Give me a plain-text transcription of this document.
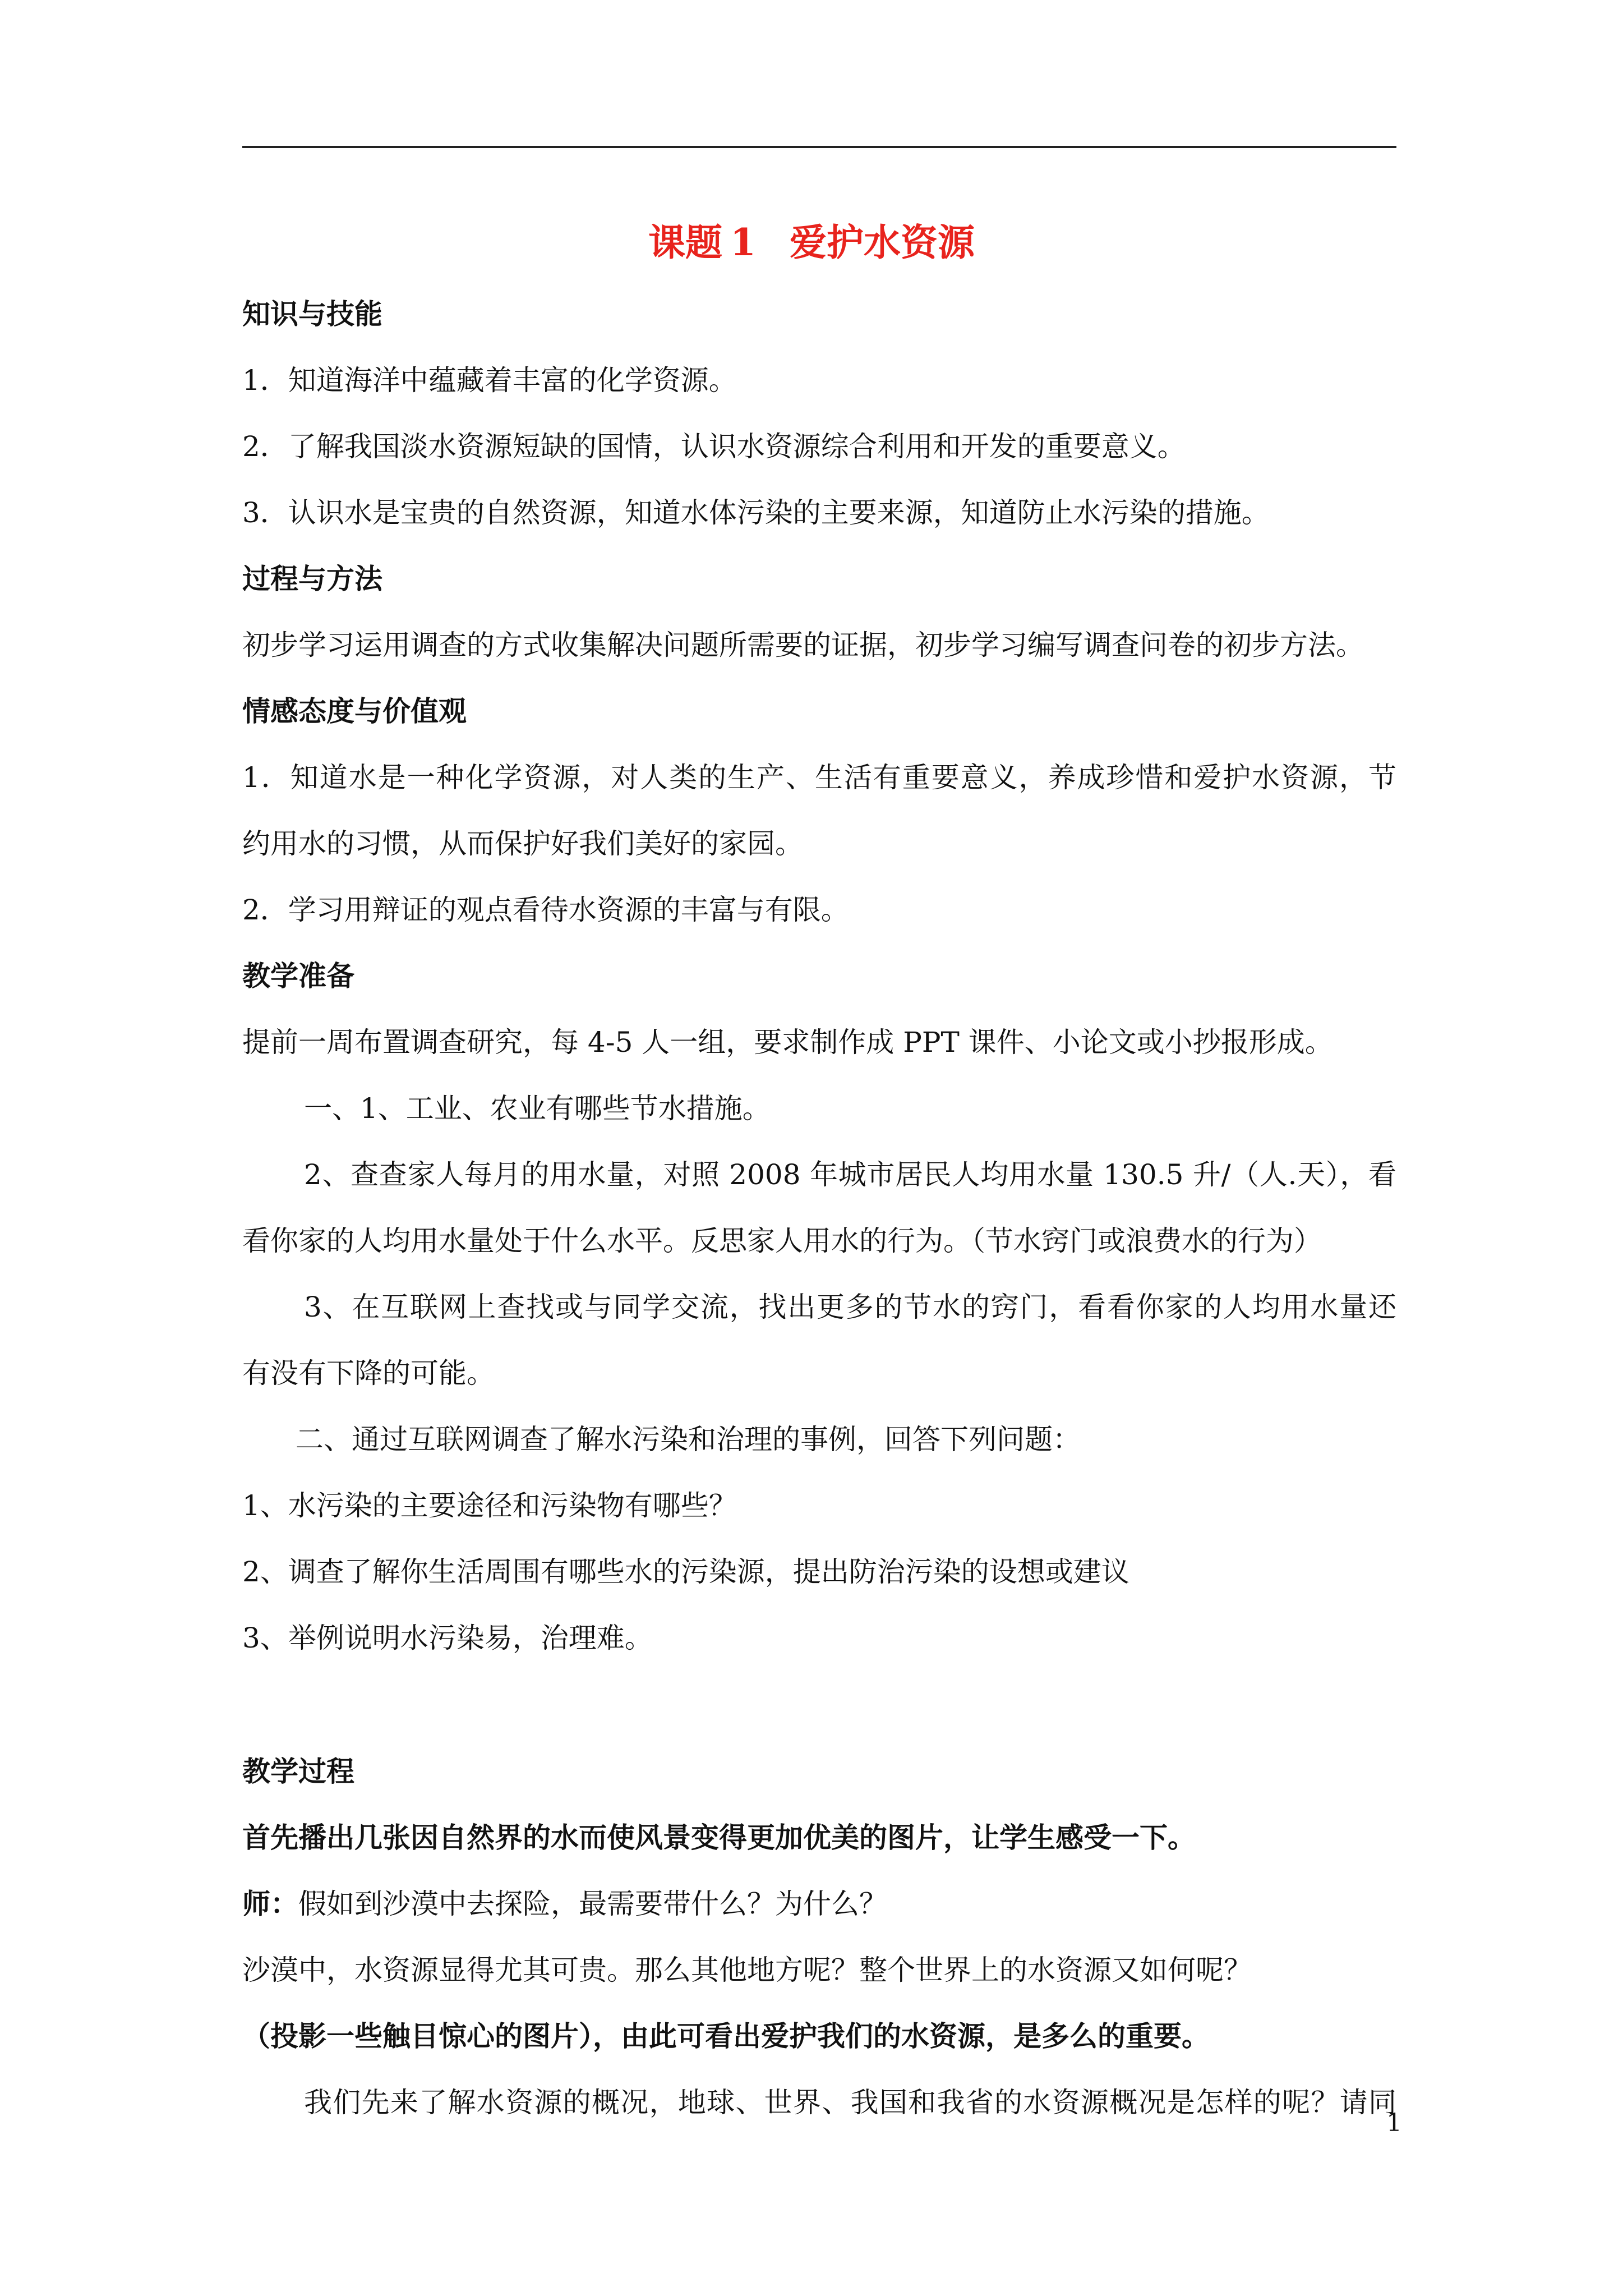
课题 1 爱护水资源
知识与技能
1．知道海洋中蕴藏着丰富的化学资源。
2．了解我国淡水资源短缺的国情，认识水资源综合利用和开发的重要意义。
3．认识水是宝贵的自然资源，知道水体污染的主要来源，知道防止水污染的措施。
过程与方法
初步学习运用调查的方式收集解决问题所需要的证据，初步学习编写调查问卷的初步方法。
情感态度与价值观
1．知道水是一种化学资源，对人类的生产、生活有重要意义，养成珍惜和爱护水资源，节
约用水的习惯，从而保护好我们美好的家园。
2．学习用辩证的观点看待水资源的丰富与有限。
教学准备
提前一周布置调查研究，每 4-5 人一组，要求制作成 PPT 课件、小论文或小抄报形成。
一、1、工业、农业有哪些节水措施。
2、查查家人每月的用水量，对照 2008 年城市居民人均用水量 130.5 升/（人.天），看
看你家的人均用水量处于什么水平。反思家人用水的行为。（节水窍门或浪费水的行为）
3、在互联网上查找或与同学交流，找出更多的节水的窍门，看看你家的人均用水量还
有没有下降的可能。
二、通过互联网调查了解水污染和治理的事例，回答下列问题：
1、水污染的主要途径和污染物有哪些？
2、调查了解你生活周围有哪些水的污染源，提出防治污染的设想或建议
3、举例说明水污染易，治理难。
教学过程
首先播出几张因自然界的水而使风景变得更加优美的图片，让学生感受一下。
师：假如到沙漠中去探险，最需要带什么？为什么？
沙漠中，水资源显得尤其可贵。那么其他地方呢？整个世界上的水资源又如何呢？
（投影一些触目惊心的图片），由此可看出爱护我们的水资源，是多么的重要。
我们先来了解水资源的概况，地球、世界、我国和我省的水资源概况是怎样的呢？请同
1
